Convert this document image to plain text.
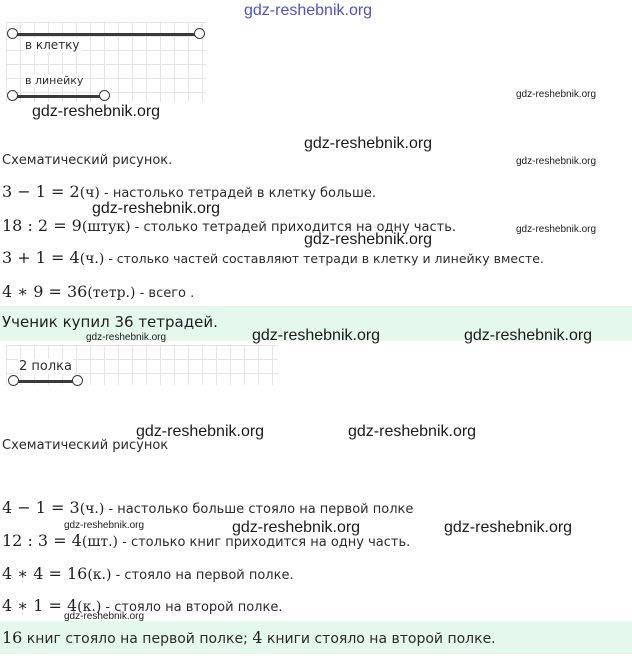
в клетку
в линейку
Схематический рисунок.
3 − 1 = 2(ч) - настолько тетрадей в клетку больше.
18 : 2 = 9(штук) - столько тетрадей приходится на одну часть.
3 + 1 = 4(ч.) - столько частей составляют тетради в клетку и линейку вместе.
4 ∗ 9 = 36(тетр.) - всего .
Ученик купил 36 тетрадей.
2 полка
Схематический рисунок
4 − 1 = 3(ч.) - настолько больше стояло на первой полке
12 : 3 = 4(шт.) - столько книг приходится на одну часть.
4 ∗ 4 = 16(к.) - стояло на первой полке.
4 ∗ 1 = 4(к.) - стояло на второй полке.
16 книг стояло на первой полке; 4 книги стояло на второй полке.
gdz-reshebnik.org
gdz-reshebnik.org
gdz-reshebnik.org
gdz-reshebnik.org
gdz-reshebnik.org
gdz-reshebnik.org
gdz-reshebnik.org
gdz-reshebnik.org
gdz-reshebnik.org	gdz-reshebnik.org	gdz-reshebnik.org
gdz-reshebnik.org	gdz-reshebnik.org
gdz-reshebnik.org	gdz-reshebnik.org	gdz-reshebnik.org
gdz-reshebnik.org
